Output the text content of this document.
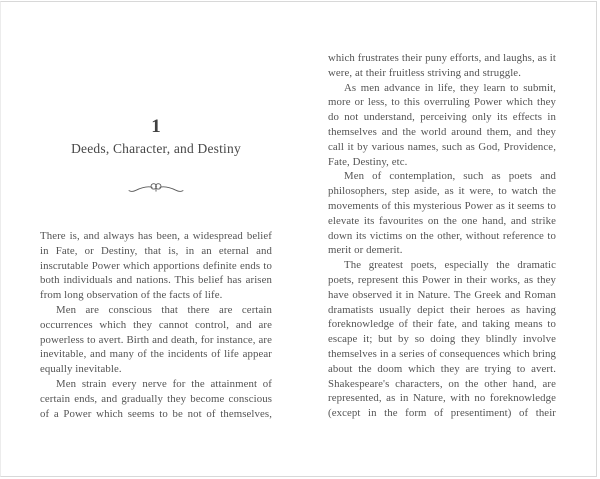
1
Deeds, Character, and Destiny

There is, and always has been, a widespread belief in Fate, or Destiny, that is, in an eternal and inscrutable Power which apportions definite ends to both individuals and nations. This belief has arisen from long observation of the facts of life.

Men are conscious that there are certain occurrences which they cannot control, and are powerless to avert. Birth and death, for instance, are inevitable, and many of the incidents of life appear equally inevitable.

Men strain every nerve for the attainment of certain ends, and gradually they become conscious of a Power which seems to be not of themselves,

which frustrates their puny efforts, and laughs, as it were, at their fruitless striving and struggle.

As men advance in life, they learn to submit, more or less, to this overruling Power which they do not understand, perceiving only its effects in themselves and the world around them, and they call it by various names, such as God, Providence, Fate, Destiny, etc.

Men of contemplation, such as poets and philosophers, step aside, as it were, to watch the movements of this mysterious Power as it seems to elevate its favourites on the one hand, and strike down its victims on the other, without reference to merit or demerit.

The greatest poets, especially the dramatic poets, represent this Power in their works, as they have observed it in Nature. The Greek and Roman dramatists usually depict their heroes as having foreknowledge of their fate, and taking means to escape it; but by so doing they blindly involve themselves in a series of consequences which bring about the doom which they are trying to avert. Shakespeare's characters, on the other hand, are represented, as in Nature, with no foreknowledge (except in the form of presentiment) of their
